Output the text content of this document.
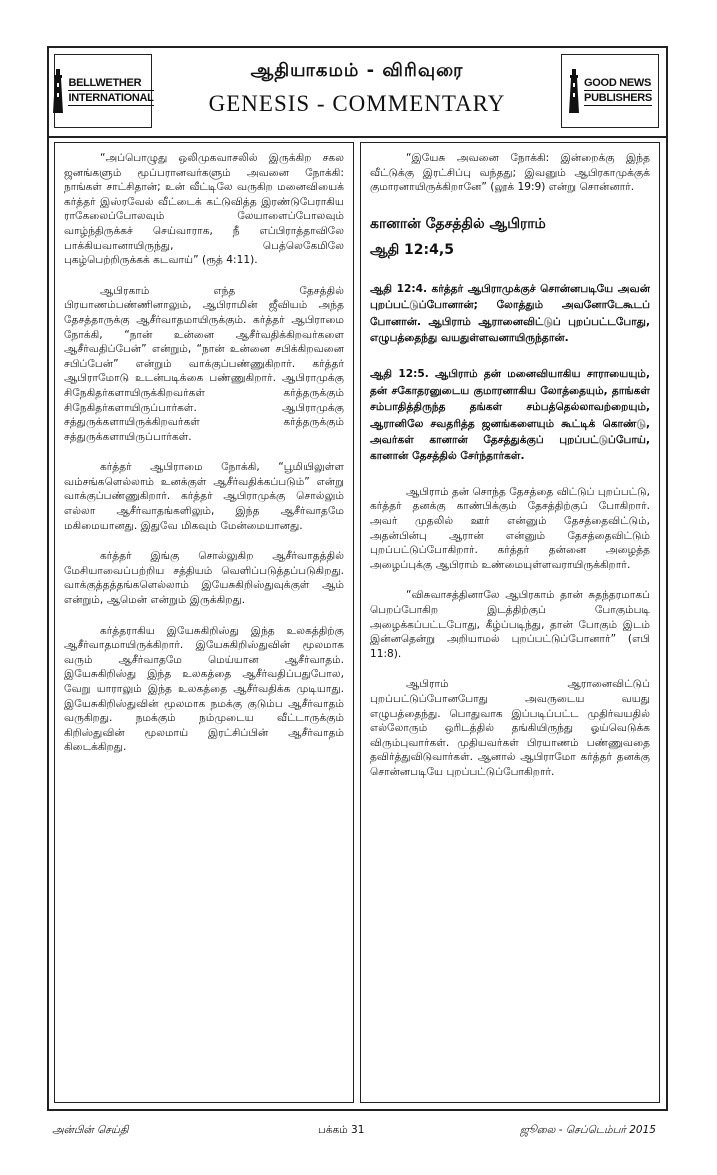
BELLWETHER
INTERNATIONAL
ஆதியாகமம் - விரிவுரை
GENESIS - COMMENTARY
GOOD NEWS
PUBLISHERS

“அப்பொழுது ஒலிமுகவாசலில் இருக்கிற சகல ஜனங்களும் மூப்பரானவர்களும் அவனை நோக்கி: நாங்கள் சாட்சிதான்; உன் வீட்டிலே வருகிற மனைவியைக் கர்த்தர் இஸ்ரவேல் வீட்டைக் கட்டுவித்த இரண்டுபேராகிய ராகேலைப்போலவும் லேயாளைப்போலவும் வாழ்ந்திருக்கச் செய்வாராக, நீ எப்பிராத்தாவிலே பாக்கியவானாயிருந்து, பெத்லெகேமிலே புகழ்பெற்றிருக்கக் கடவாய்” (ரூத் 4:11).

ஆபிரகாம் எந்த தேசத்தில் பிரயாணம்பண்ணினாலும், ஆபிராமின் ஜீவியம் அந்த தேசத்தாருக்கு ஆசீர்வாதமாயிருக்கும். கர்த்தர் ஆபிராமை நோக்கி, “நான் உன்னை ஆசீர்வதிக்கிறவர்களை ஆசீர்வதிப்பேன்” என்றும், “நான் உன்னை சபிக்கிறவனை சபிப்பேன்” என்றும் வாக்குப்பண்ணுகிறார். கர்த்தர் ஆபிராமோடு உடன்படிக்கை பண்ணுகிறார். ஆபிராமுக்கு சிநேகிதர்களாயிருக்கிறவர்கள் கர்த்தருக்கும் சிநேகிதர்களாயிருப்பார்கள். ஆபிராமுக்கு சத்துருக்களாயிருக்கிறவர்கள் கர்த்தருக்கும் சத்துருக்களாயிருப்பார்கள்.

கர்த்தர் ஆபிராமை நோக்கி, “பூமியிலுள்ள வம்சங்களெல்லாம் உனக்குள் ஆசீர்வதிக்கப்படும்” என்று வாக்குப்பண்ணுகிறார். கர்த்தர் ஆபிராமுக்கு சொல்லும் எல்லா ஆசீர்வாதங்களிலும், இந்த ஆசீர்வாதமே மகிமையானது. இதுவே மிகவும் மேன்மையானது.

கர்த்தர் இங்கு சொல்லுகிற ஆசீர்வாதத்தில் மேசியாவைப்பற்றிய சத்தியம் வெளிப்படுத்தப்படுகிறது. வாக்குத்தத்தங்களெல்லாம் இயேசுகிறிஸ்துவுக்குள் ஆம் என்றும், ஆமென் என்றும் இருக்கிறது.

கர்த்தராகிய இயேசுகிறிஸ்து இந்த உலகத்திற்கு ஆசீர்வாதமாயிருக்கிறார். இயேசுகிறிஸ்துவின் மூலமாக வரும் ஆசீர்வாதமே மெய்யான ஆசீர்வாதம். இயேசுகிறிஸ்து இந்த உலகத்தை ஆசீர்வதிப்பதுபோல, வேறு யாராலும் இந்த உலகத்தை ஆசீர்வதிக்க முடியாது. இயேசுகிறிஸ்துவின் மூலமாக நமக்கு குடும்ப ஆசீர்வாதம் வருகிறது. நமக்கும் நம்முடைய வீட்டாருக்கும் கிறிஸ்துவின் மூலமாய் இரட்சிப்பின் ஆசீர்வாதம் கிடைக்கிறது.

“இயேசு அவனை நோக்கி: இன்றைக்கு இந்த வீட்டுக்கு இரட்சிப்பு வந்தது; இவனும் ஆபிரகாமுக்குக் குமாரனாயிருக்கிறானே” (லூக் 19:9) என்று சொன்னார்.

கானான் தேசத்தில் ஆபிராம்
ஆதி 12:4,5

ஆதி 12:4. கர்த்தர் ஆபிராமுக்குச் சொன்னபடியே அவன் புறப்பட்டுப்போனான்; லோத்தும் அவனோடேகூடப் போனான். ஆபிராம் ஆரானைவிட்டுப் புறப்பட்டபோது, எழுபத்தைந்து வயதுள்ளவனாயிருந்தான்.

ஆதி 12:5. ஆபிராம் தன் மனைவியாகிய சாராயையும், தன் சகோதரனுடைய குமாரனாகிய லோத்தையும், தாங்கள் சம்பாதித்திருந்த தங்கள் சம்பத்தெல்லாவற்றையும், ஆரானிலே சவதரித்த ஜனங்களையும் கூட்டிக் கொண்டு, அவர்கள் கானான் தேசத்துக்குப் புறப்பட்டுப்போய், கானான் தேசத்தில் சேர்ந்தார்கள்.

ஆபிராம் தன் சொந்த தேசத்தை விட்டுப் புறப்பட்டு, கர்த்தர் தனக்கு காண்பிக்கும் தேசத்திற்குப் போகிறார். அவர் முதலில் ஊர் என்னும் தேசத்தைவிட்டும், அதன்பின்பு ஆரான் என்னும் தேசத்தைவிட்டும் புறப்பட்டுப்போகிறார். கர்த்தர் தன்னை அழைத்த அழைப்புக்கு ஆபிராம் உண்மையுள்ளவராயிருக்கிறார்.

“விசுவாசத்தினாலே ஆபிரகாம் தான் சுதந்தரமாகப் பெறப்போகிற இடத்திற்குப் போகும்படி அழைக்கப்பட்டபோது, கீழ்ப்படிந்து, தான் போகும் இடம் இன்னதென்று அறியாமல் புறப்பட்டுப்போனார்” (எபி 11:8).

ஆபிராம் ஆரானைவிட்டுப் புறப்பட்டுப்போனபோது அவருடைய வயது எழுபத்தைந்து. பொதுவாக இப்படிப்பட்ட முதிர்வயதில் எல்லோரும் ஒரிடத்தில் தங்கியிருந்து ஓய்வெடுக்க விரும்புவார்கள். முதியவர்கள் பிரயாணம் பண்ணுவதை தவிர்த்துவிடுவார்கள். ஆனால் ஆபிராமோ கர்த்தர் தனக்கு சொன்னபடியே புறப்பட்டுப்போகிறார்.

அன்பின் செய்தி	பக்கம் 31	ஜூலை - செப்டெம்பர் 2015
